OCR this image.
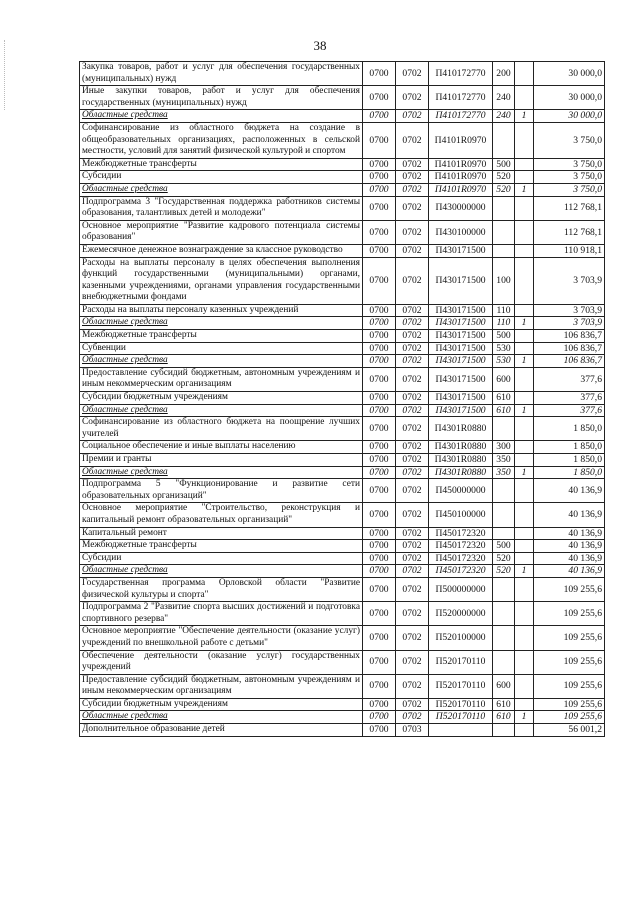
38
Закупка товаров, работ и услуг для обеспечения государственных (муниципальных) нужд	0700	0702	П410172770	200		30 000,0
Иные закупки товаров, работ и услуг для обеспечения государственных (муниципальных) нужд	0700	0702	П410172770	240		30 000,0
Областные средства	0700	0702	П410172770	240	1	30 000,0
Софинансирование из областного бюджета на создание в общеобразовательных организациях, расположенных в сельской местности, условий для занятий физической культурой и спортом	0700	0702	П4101R0970			3 750,0
Межбюджетные трансферты	0700	0702	П4101R0970	500		3 750,0
Субсидии	0700	0702	П4101R0970	520		3 750,0
Областные средства	0700	0702	П4101R0970	520	1	3 750,0
Подпрограмма 3 "Государственная поддержка работников системы образования, талантливых детей и молодежи"	0700	0702	П430000000			112 768,1
Основное мероприятие "Развитие кадрового потенциала системы образования"	0700	0702	П430100000			112 768,1
Ежемесячное денежное вознаграждение за классное руководство	0700	0702	П430171500			110 918,1
Расходы на выплаты персоналу в целях обеспечения выполнения функций государственными (муниципальными) органами, казенными учреждениями, органами управления государственными внебюджетными фондами	0700	0702	П430171500	100		3 703,9
Расходы на выплаты персоналу казенных учреждений	0700	0702	П430171500	110		3 703,9
Областные средства	0700	0702	П430171500	110	1	3 703,9
Межбюджетные трансферты	0700	0702	П430171500	500		106 836,7
Субвенции	0700	0702	П430171500	530		106 836,7
Областные средства	0700	0702	П430171500	530	1	106 836,7
Предоставление субсидий бюджетным, автономным учреждениям и иным некоммерческим организациям	0700	0702	П430171500	600		377,6
Субсидии бюджетным учреждениям	0700	0702	П430171500	610		377,6
Областные средства	0700	0702	П430171500	610	1	377,6
Софинансирование из областного бюджета на поощрение лучших учителей	0700	0702	П4301R0880			1 850,0
Социальное обеспечение и иные выплаты населению	0700	0702	П4301R0880	300		1 850,0
Премии и гранты	0700	0702	П4301R0880	350		1 850,0
Областные средства	0700	0702	П4301R0880	350	1	1 850,0
Подпрограмма 5 "Функционирование и развитие сети образовательных организаций"	0700	0702	П450000000			40 136,9
Основное мероприятие "Строительство, реконструкция и капитальный ремонт образовательных организаций"	0700	0702	П450100000			40 136,9
Капитальный ремонт	0700	0702	П450172320			40 136,9
Межбюджетные трансферты	0700	0702	П450172320	500		40 136,9
Субсидии	0700	0702	П450172320	520		40 136,9
Областные средства	0700	0702	П450172320	520	1	40 136,9
Государственная программа Орловской области "Развитие физической культуры и спорта"	0700	0702	П500000000			109 255,6
Подпрограмма 2 "Развитие спорта высших достижений и подготовка спортивного резерва"	0700	0702	П520000000			109 255,6
Основное мероприятие "Обеспечение деятельности (оказание услуг) учреждений по внешкольной работе с детьми"	0700	0702	П520100000			109 255,6
Обеспечение деятельности (оказание услуг) государственных учреждений	0700	0702	П520170110			109 255,6
Предоставление субсидий бюджетным, автономным учреждениям и иным некоммерческим организациям	0700	0702	П520170110	600		109 255,6
Субсидии бюджетным учреждениям	0700	0702	П520170110	610		109 255,6
Областные средства	0700	0702	П520170110	610	1	109 255,6
Дополнительное образование детей	0700	0703				56 001,2
